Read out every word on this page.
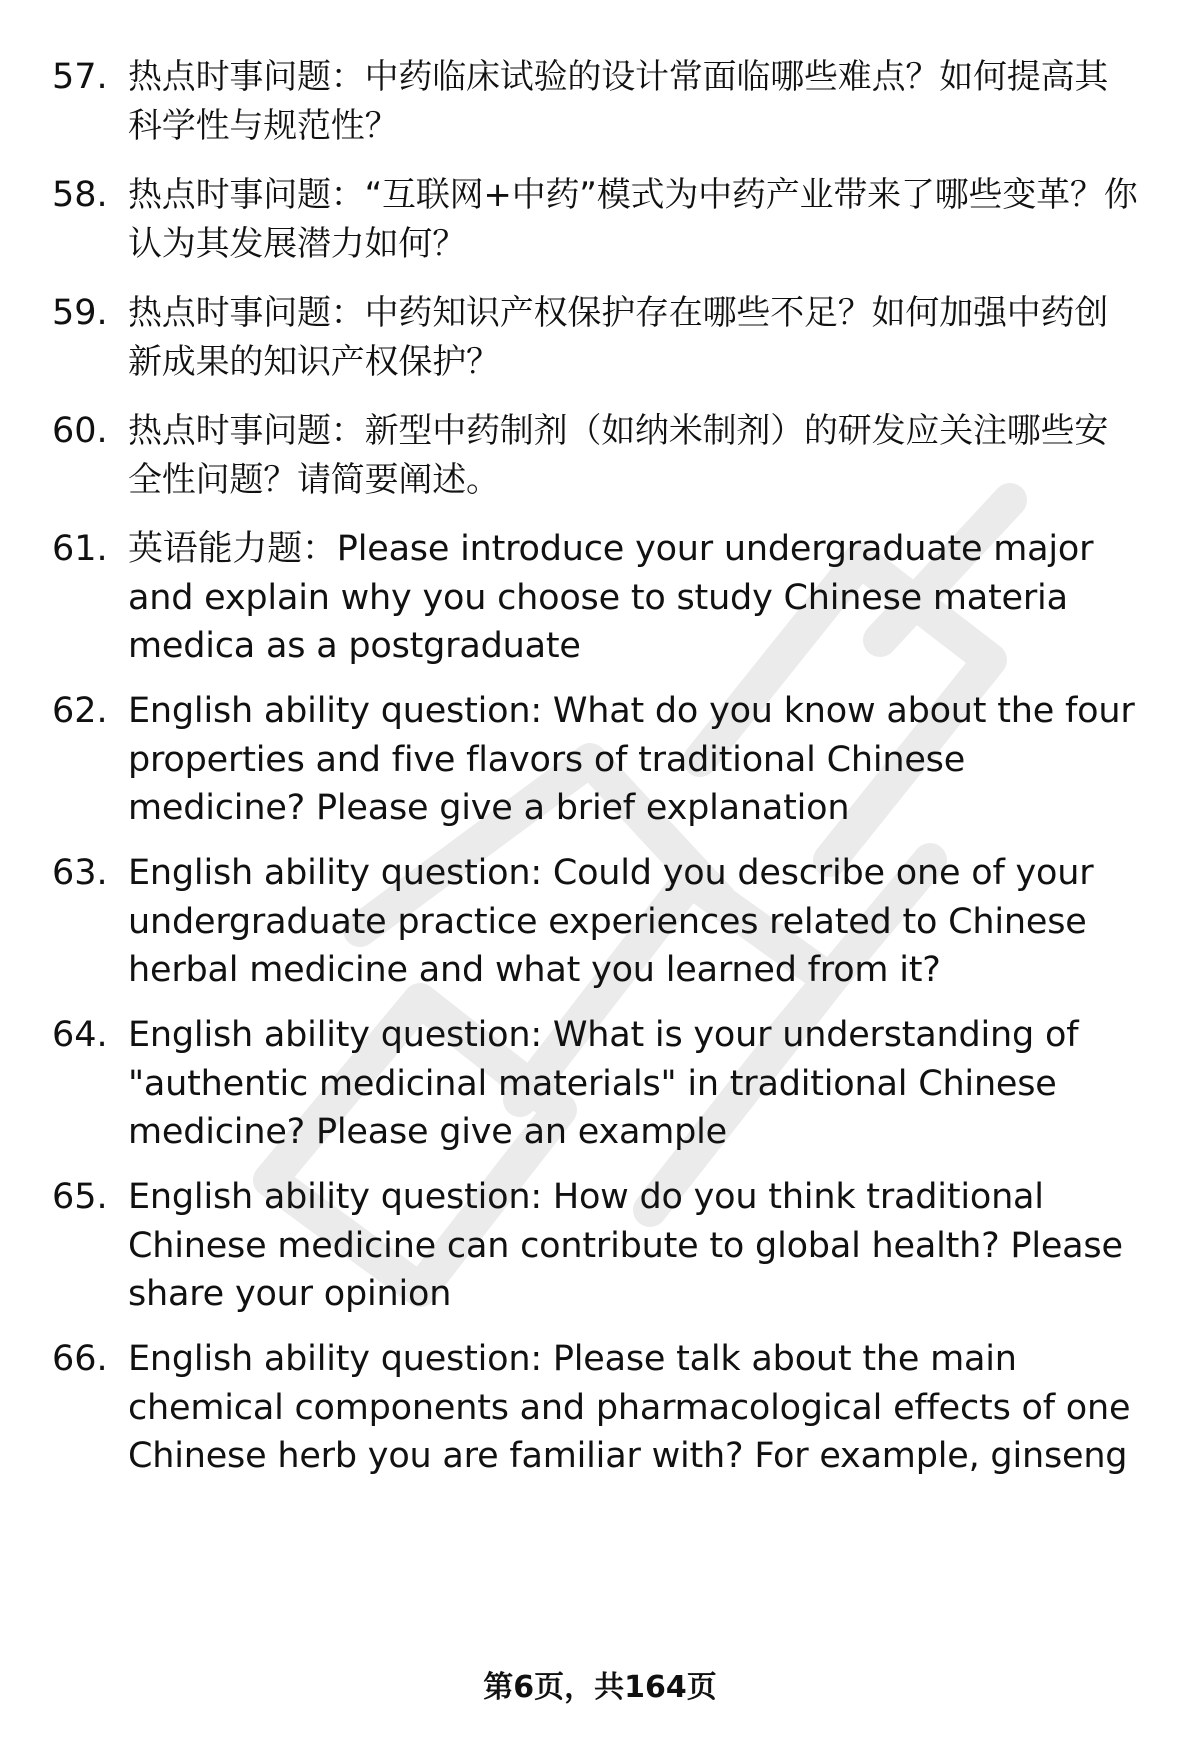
57. 热点时事问题：中药临床试验的设计常面临哪些难点？如何提高其科学性与规范性？
58. 热点时事问题：“互联网+中药”模式为中药产业带来了哪些变革？你认为其发展潜力如何？
59. 热点时事问题：中药知识产权保护存在哪些不足？如何加强中药创新成果的知识产权保护？
60. 热点时事问题：新型中药制剂（如纳米制剂）的研发应关注哪些安全性问题？请简要阐述。
61. 英语能力题：Please introduce your undergraduate major and explain why you choose to study Chinese materia medica as a postgraduate
62. English ability question: What do you know about the four properties and five flavors of traditional Chinese medicine? Please give a brief explanation
63. English ability question: Could you describe one of your undergraduate practice experiences related to Chinese herbal medicine and what you learned from it?
64. English ability question: What is your understanding of "authentic medicinal materials" in traditional Chinese medicine? Please give an example
65. English ability question: How do you think traditional Chinese medicine can contribute to global health? Please share your opinion
66. English ability question: Please talk about the main chemical components and pharmacological effects of one Chinese herb you are familiar with? For example, ginseng
第6页，共164页
